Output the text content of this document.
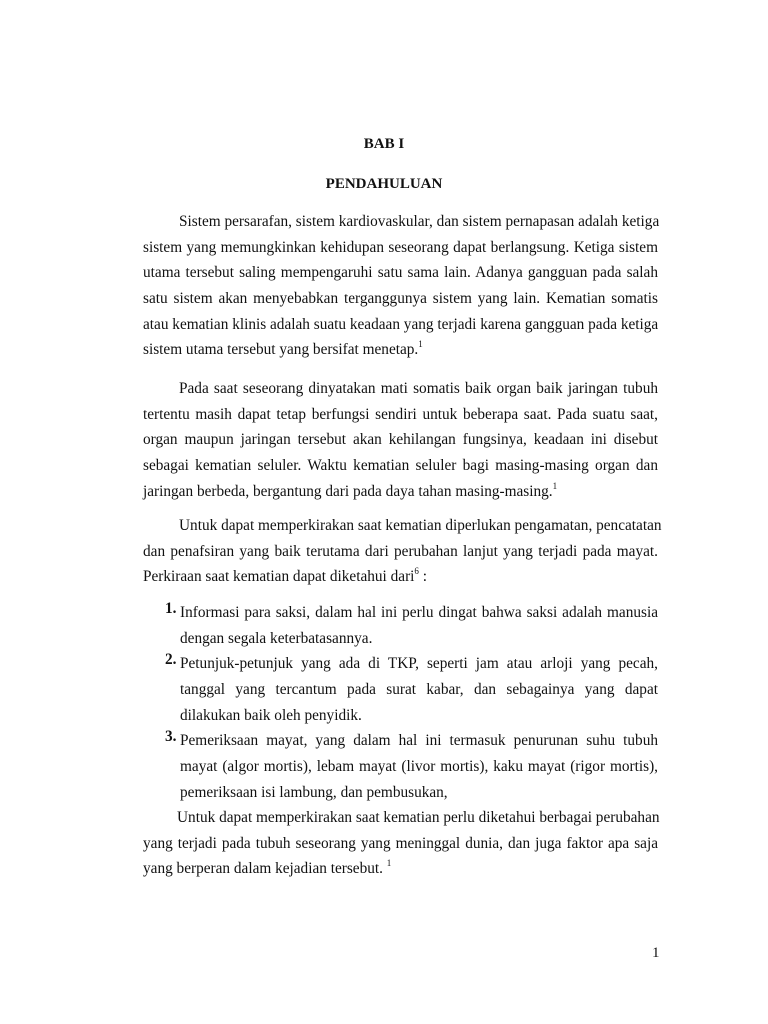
BAB I
PENDAHULUAN
Sistem persarafan, sistem kardiovaskular, dan sistem pernapasan adalah ketiga
sistem yang memungkinkan kehidupan seseorang dapat berlangsung. Ketiga sistem
utama tersebut saling mempengaruhi satu sama lain. Adanya gangguan pada salah
satu sistem akan menyebabkan terganggunya sistem yang lain. Kematian somatis
atau kematian klinis adalah suatu keadaan yang terjadi karena gangguan pada ketiga
sistem utama tersebut yang bersifat menetap.$^1$
Pada saat seseorang dinyatakan mati somatis baik organ baik jaringan tubuh
tertentu masih dapat tetap berfungsi sendiri untuk beberapa saat. Pada suatu saat,
organ maupun jaringan tersebut akan kehilangan fungsinya, keadaan ini disebut
sebagai kematian seluler. Waktu kematian seluler bagi masing-masing organ dan
jaringan berbeda, bergantung dari pada daya tahan masing-masing.$^1$
Untuk dapat memperkirakan saat kematian diperlukan pengamatan, pencatatan
dan penafsiran yang baik terutama dari perubahan lanjut yang terjadi pada mayat.
Perkiraan saat kematian dapat diketahui dari$^6$ :
1. Informasi para saksi, dalam hal ini perlu dingat bahwa saksi adalah manusia
dengan segala keterbatasannya.
2. Petunjuk-petunjuk yang ada di TKP, seperti jam atau arloji yang pecah,
tanggal yang tercantum pada surat kabar, dan sebagainya yang dapat
dilakukan baik oleh penyidik.
3. Pemeriksaan mayat, yang dalam hal ini termasuk penurunan suhu tubuh
mayat (algor mortis), lebam mayat (livor mortis), kaku mayat (rigor mortis),
pemeriksaan isi lambung, dan pembusukan,
Untuk dapat memperkirakan saat kematian perlu diketahui berbagai perubahan
yang terjadi pada tubuh seseorang yang meninggal dunia, dan juga faktor apa saja
yang berperan dalam kejadian tersebut. $^1$
1
